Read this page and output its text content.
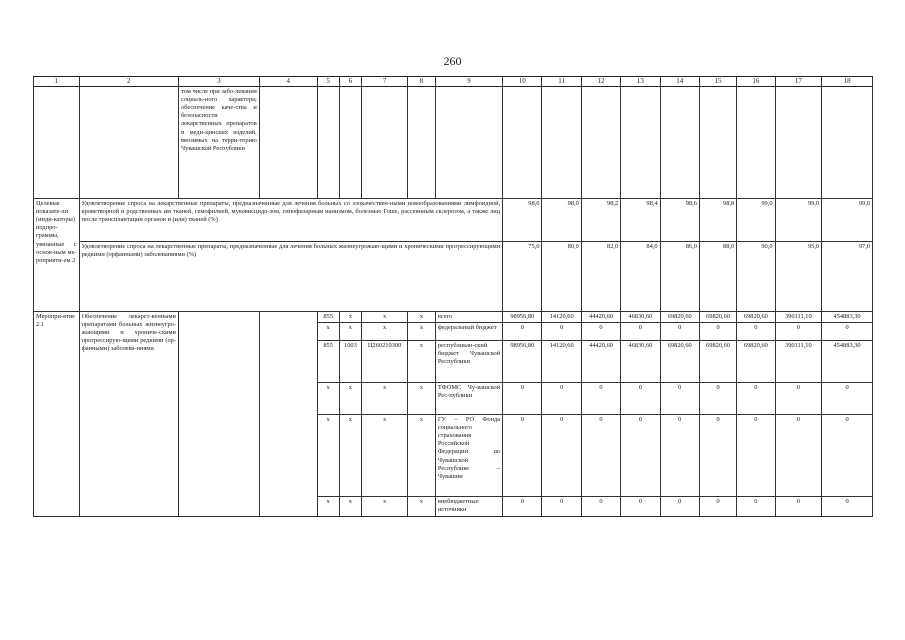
260
1	2	3	4	5	6	7	8	9	10	11	12	13	14	15	16	17	18
		том числе при забо-левания социаль-ного характера; обеспечение каче-ства и безопасности лекарственных препаратов и меди-цинских изделий, ввозимых на терри-торию Чувашской Республики															
Целевые показате-ли (инди-каторы) подпро-граммы, увязанные с основ-ным ме-роприяти-ем 2	Удовлетворение спроса на лекарственные препараты, предназначенные для лечения больных со злокачествен-ными новообразованиями лимфоидной, кроветворной и родственных им тканей, гемофилией, муковисцидо-зом, гипофизарным нанизмом, болезнью Гоше, рассеянным склерозом, а также лиц после трансплантации органов и (или) тканей (%)								98,0	98,0	98,2	98,4	98,6	98,8	99,0	99,0	99,0
	Удовлетворение спроса на лекарственные препараты, предназначенные для лечения больных жизнеугрожаю-щими и хроническими прогрессирующими редкими (орфанными) заболеваниями (%)								75,0	80,0	82,0	84,0	86,0	88,0	90,0	95,0	97,0
Меропри-ятие 2.1	Обеспечение лекарст-венными препаратами больных жизнеугро-жающими и хрониче-скими прогрессирую-щими редкими (ор-фанными) заболева-ниями			855	х	х	х	всего	98956,80	14120,60	44420,60	46830,60	69820,60	69820,60	69820,60	390111,10	454883,30
				х	х	х	х	федеральный бюджет	0	0	0	0	0	0	0	0	0
				855	1003	Ц260210300	х	республикан-ский бюджет Чувашской Республики	98956,80	14120,60	44420,60	46830,60	69820,60	69820,60	69820,60	390111,10	454883,30
				х	х	х	х	ТФОМС Чу-вашской Рес-публики	0	0	0	0	0	0	0	0	0
				х	х	х	х	ГУ – РО Фонда социального страхования Российской Федерации по Чувашской Республике – Чувашии	0	0	0	0	0	0	0	0	0
				х	х	х	х	внебюджетные источники	0	0	0	0	0	0	0	0	0
